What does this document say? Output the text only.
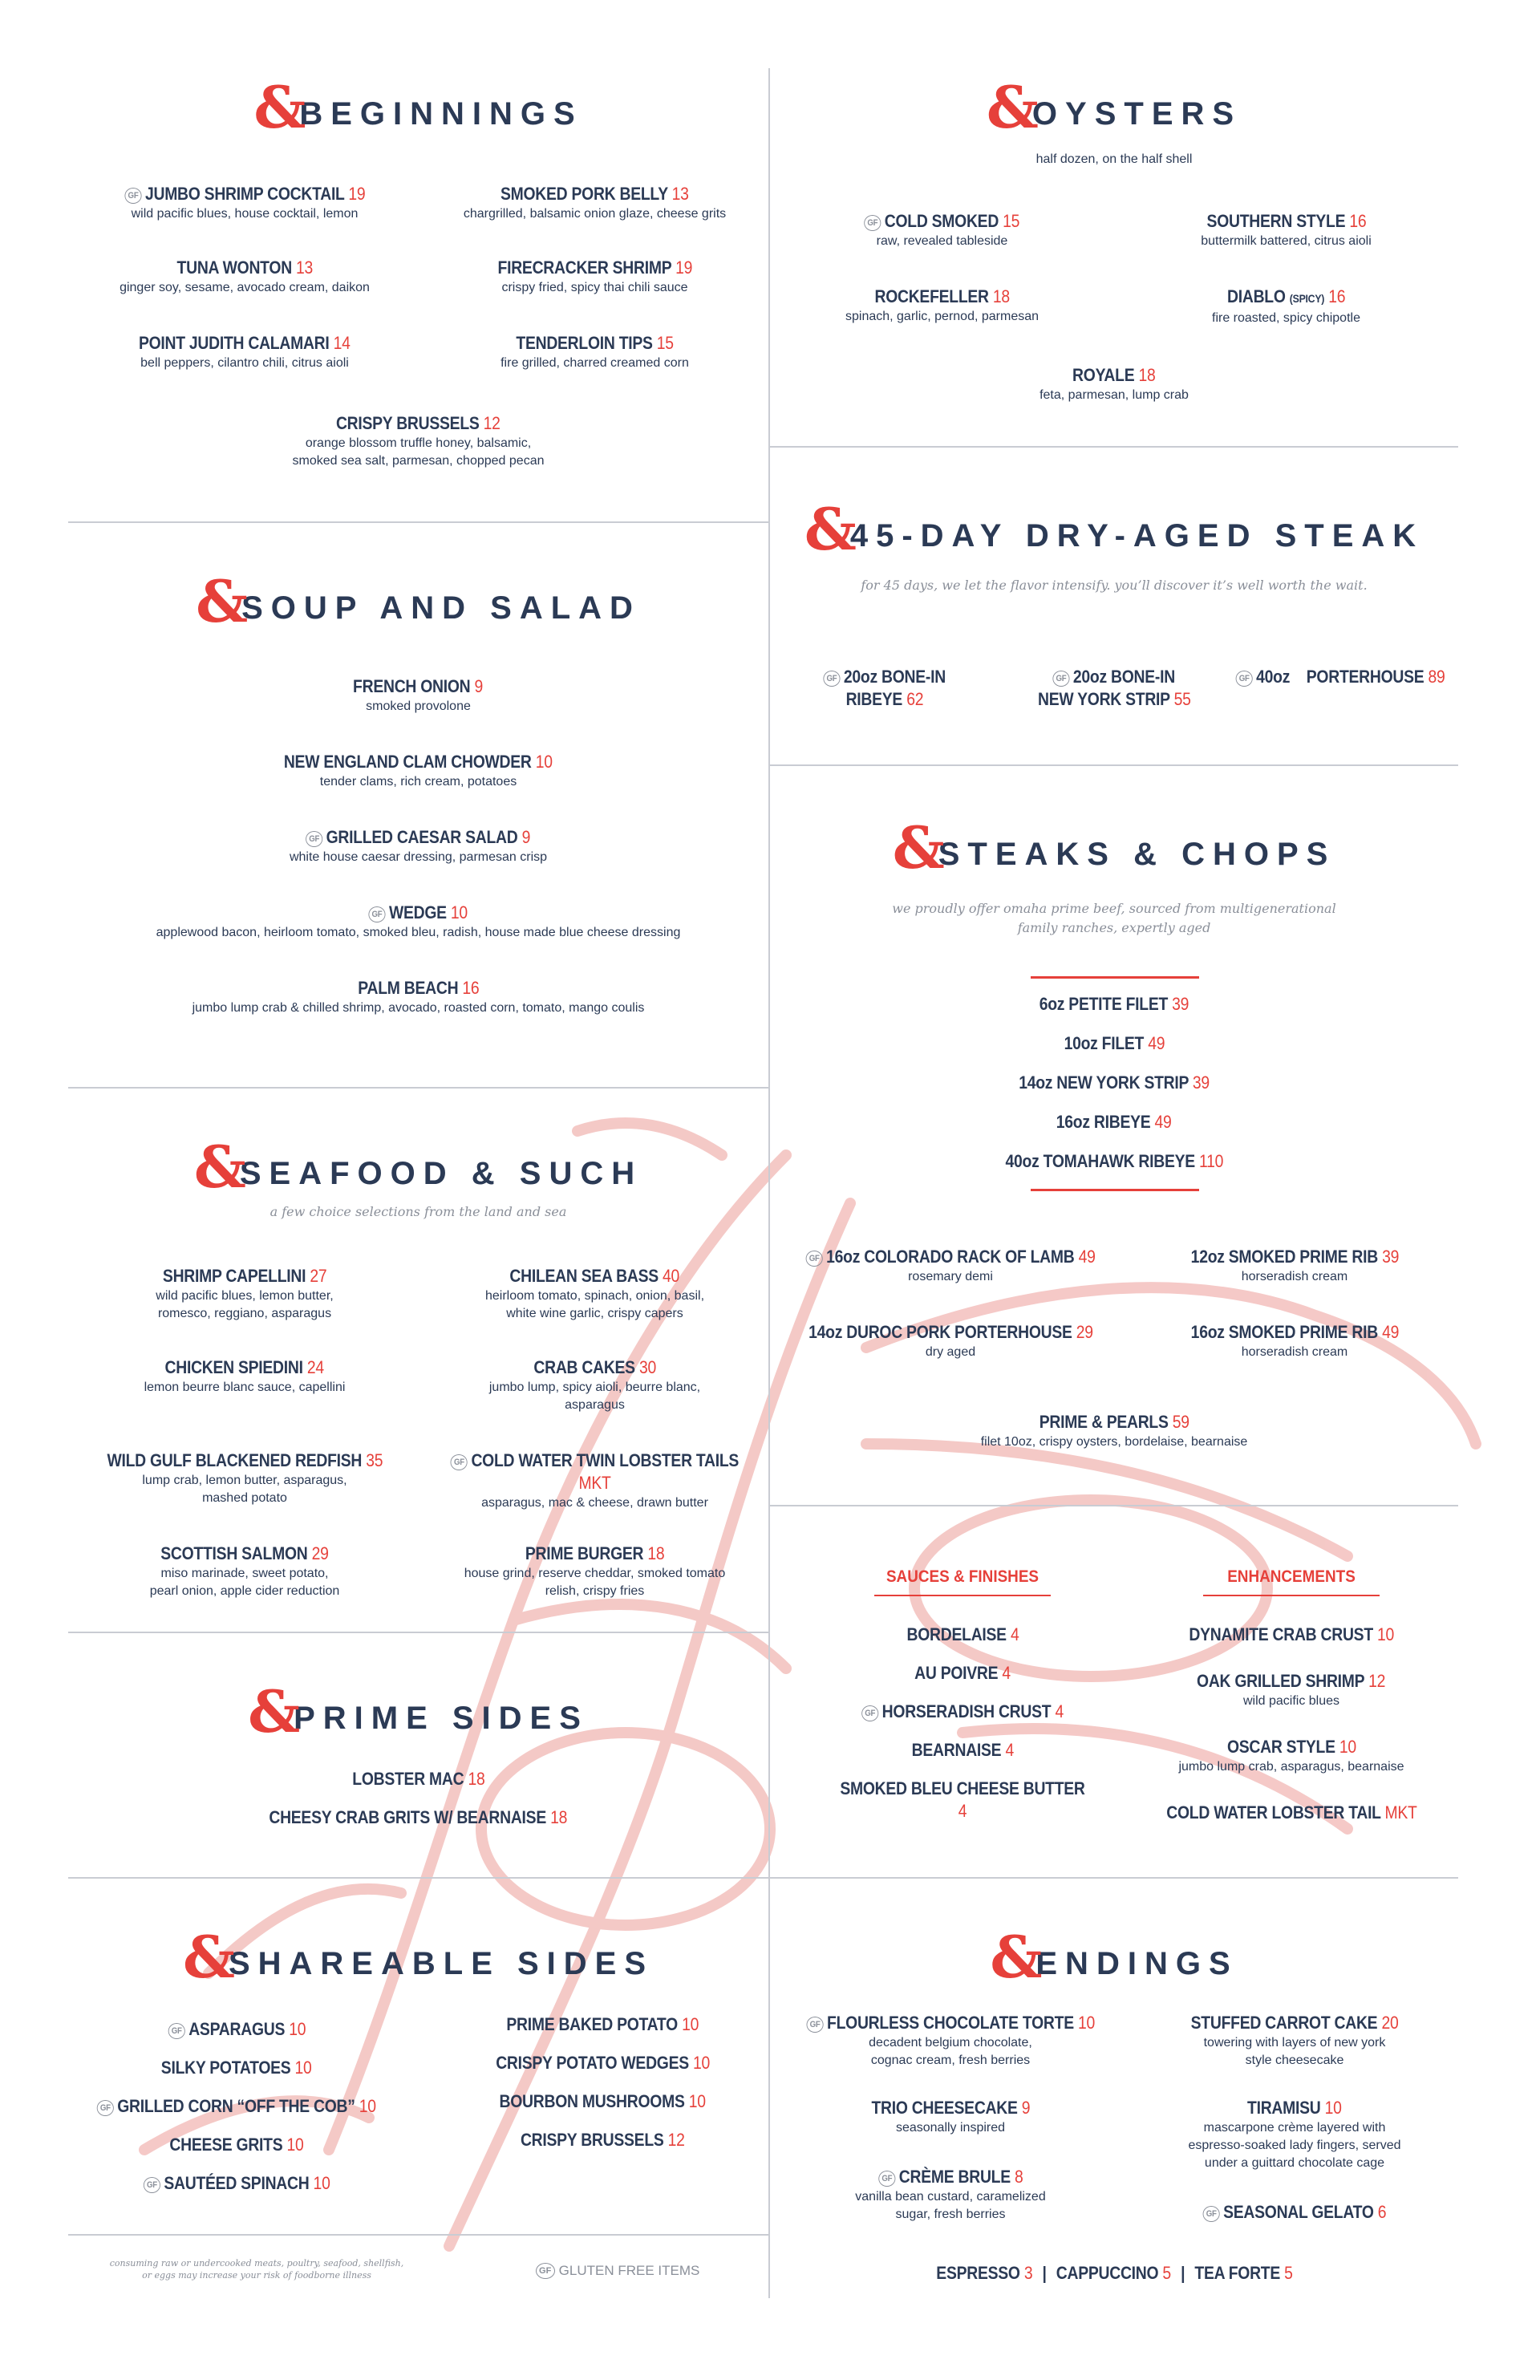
&
BEGINNINGS
GF JUMBO SHRIMP COCKTAIL 19
wild pacific blues, house cocktail, lemon
SMOKED PORK BELLY 13
chargrilled, balsamic onion glaze, cheese grits
TUNA WONTON 13
ginger soy, sesame, avocado cream, daikon
FIRECRACKER SHRIMP 19
crispy fried, spicy thai chili sauce
POINT JUDITH CALAMARI 14
bell peppers, cilantro chili, citrus aioli
TENDERLOIN TIPS 15
fire grilled, charred creamed corn
CRISPY BRUSSELS 12
orange blossom truffle honey, balsamic,
smoked sea salt, parmesan, chopped pecan
&
SOUP AND SALAD
FRENCH ONION 9
smoked provolone
NEW ENGLAND CLAM CHOWDER 10
tender clams, rich cream, potatoes
GF GRILLED CAESAR SALAD 9
white house caesar dressing, parmesan crisp
GF WEDGE 10
applewood bacon, heirloom tomato, smoked bleu, radish, house made blue cheese dressing
PALM BEACH 16
jumbo lump crab & chilled shrimp, avocado, roasted corn, tomato, mango coulis
&
SEAFOOD & SUCH
a few choice selections from the land and sea
SHRIMP CAPELLINI 27
wild pacific blues, lemon butter,
romesco, reggiano, asparagus
CHILEAN SEA BASS 40
heirloom tomato, spinach, onion, basil,
white wine garlic, crispy capers
CHICKEN SPIEDINI 24
lemon beurre blanc sauce, capellini
CRAB CAKES 30
jumbo lump, spicy aioli, beurre blanc,
asparagus
WILD GULF BLACKENED REDFISH 35
lump crab, lemon butter, asparagus,
mashed potato
GF COLD WATER TWIN LOBSTER TAILS MKT
asparagus, mac & cheese, drawn butter
SCOTTISH SALMON 29
miso marinade, sweet potato,
pearl onion, apple cider reduction
PRIME BURGER 18
house grind, reserve cheddar, smoked tomato
relish, crispy fries
&
PRIME SIDES
LOBSTER MAC 18
CHEESY CRAB GRITS W/ BEARNAISE 18
&
SHAREABLE SIDES
GF ASPARAGUS 10
SILKY POTATOES 10
GF GRILLED CORN “OFF THE COB” 10
CHEESE GRITS 10
GF SAUTÉED SPINACH 10
PRIME BAKED POTATO 10
CRISPY POTATO WEDGES 10
BOURBON MUSHROOMS 10
CRISPY BRUSSELS 12
consuming raw or undercooked meats, poultry, seafood, shellfish,
or eggs may increase your risk of foodborne illness	GF GLUTEN FREE ITEMS
&
OYSTERS
half dozen, on the half shell
GF COLD SMOKED 15
raw, revealed tableside
SOUTHERN STYLE 16
buttermilk battered, citrus aioli
ROCKEFELLER 18
spinach, garlic, pernod, parmesan
DIABLO (SPICY) 16
fire roasted, spicy chipotle
ROYALE 18
feta, parmesan, lump crab
&
45-DAY DRY-AGED STEAK
for 45 days, we let the flavor intensify. you’ll discover it’s well worth the wait.
GF 20oz BONE-IN RIBEYE 62
GF 20oz BONE-IN NEW YORK STRIP 55
GF 40oz PORTERHOUSE 89
&
STEAKS & CHOPS
we proudly offer omaha prime beef, sourced from multigenerational
family ranches, expertly aged
6oz PETITE FILET 39
10oz FILET 49
14oz NEW YORK STRIP 39
16oz RIBEYE 49
40oz TOMAHAWK RIBEYE 110
GF 16oz COLORADO RACK OF LAMB 49
rosemary demi
12oz SMOKED PRIME RIB 39
horseradish cream
14oz DUROC PORK PORTERHOUSE 29
dry aged
16oz SMOKED PRIME RIB 49
horseradish cream
PRIME & PEARLS 59
filet 10oz, crispy oysters, bordelaise, bearnaise
SAUCES & FINISHES	ENHANCEMENTS
BORDELAISE 4
AU POIVRE 4
GF HORSERADISH CRUST 4
BEARNAISE 4
SMOKED BLEU CHEESE BUTTER 4
DYNAMITE CRAB CRUST 10
OAK GRILLED SHRIMP 12
wild pacific blues
OSCAR STYLE 10
jumbo lump crab, asparagus, bearnaise
COLD WATER LOBSTER TAIL MKT
&
ENDINGS
GF FLOURLESS CHOCOLATE TORTE 10
decadent belgium chocolate,
cognac cream, fresh berries
STUFFED CARROT CAKE 20
towering with layers of new york
style cheesecake
TRIO CHEESECAKE 9
seasonally inspired
TIRAMISU 10
mascarpone crème layered with
espresso-soaked lady fingers, served
under a guittard chocolate cage
GF CRÈME BRULE 8
vanilla bean custard, caramelized
sugar, fresh berries	GF SEASONAL GELATO 6
ESPRESSO 3 | CAPPUCCINO 5 | TEA FORTE 5
